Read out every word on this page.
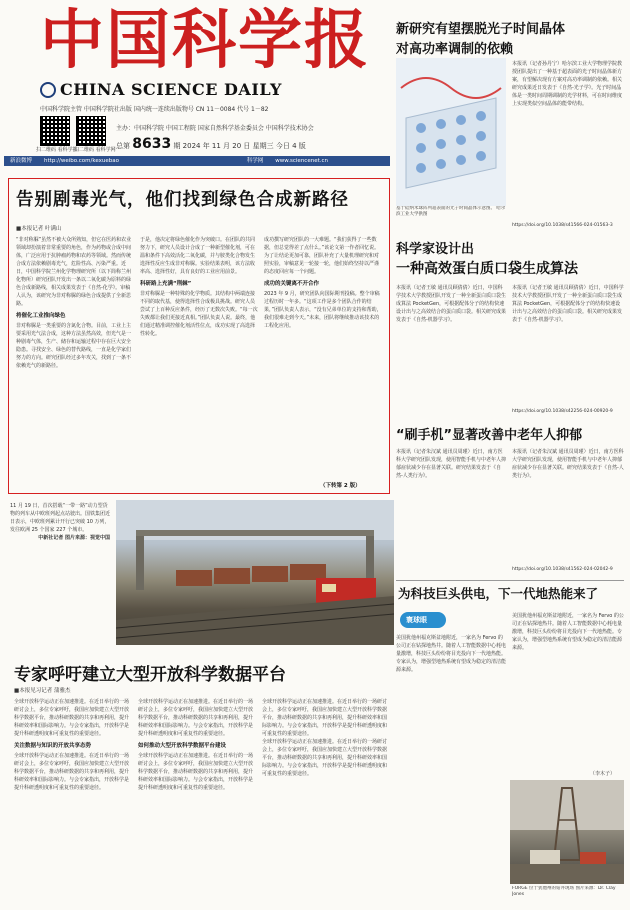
中国科学报
CHINA SCIENCE DAILY
中国科学院主管 中国科学院社出版 国内统一连续出版物号 CN 11－0084 代号 1－82
扫二维码 看科学报
扫二维码 看科学网
主办：中国科学院 中国工程院 国家自然科学基金委员会 中国科学技术协会
总第 8633 期 2024 年 11 月 20 日 星期三 今日 4 版
新浪微博 http://weibo.com/kexuebao	科学网 www.sciencenet.cn
告别剧毒光气，他们找到绿色合成新路径
■本报记者 叶满山
“非对称脲”虽然不被大众所熟知，但它在医药和农业领域却扮演着非常重要的角色，作为药物或合成中间体，广泛应用于抗肿瘤药物和农药等领域。然而传统合成方法依赖剧毒光气，危险性高、污染严重。近日，中国科学院兰州化学物理研究所（以下简称兰州化物所）研究团队开发出一条以二氧化碳为原料的绿色合成新路线，相关成果发表于《自然-化学》。审稿人认为，该研究为非对称脲的绿色合成提供了全新思路。
将催化工业推向绿色
非对称脲是一类重要的含氮化合物。目前，工业上主要采用光气法合成，这种方法虽然高效，但光气是一种剧毒气体，生产、储存和运输过程中存在巨大安全隐患。寻找安全、绿色的替代路线，一直是化学家们努力的方向。研究团队经过多年攻关，找到了一条不依赖光气的新路径。
于是，他决定将绿色催化作为突破口。在团队的共同努力下，研究人员设计合成了一种新型催化剂，可在温和条件下高效活化二氧化碳，并与胺类化合物发生选择性反应生成非对称脲。实验结果表明，该方法收率高、选择性好，具有良好的工业应用前景。
科研路上充满“荆棘”
非对称脲是一种特殊的化学物质。其结构中两端连接不同的取代基，使得选择性合成极具挑战。研究人员尝试了上百种反应条件，经历了无数次失败。“每一次失败都让我们更接近真相。”团队负责人说。最终，他们通过精准调控催化剂活性位点，成功实现了高选择性转化。
成功撰写研究团队的一大难题。“我们获得了一些数据，但总觉得差了点什么。”该论文第一作者回忆说。为了让结论更加可靠，团队补充了大量机理研究和对照实验，审稿意见一轮接一轮，他们始终坚持以严谨的态度回应每一个问题。
成功的关键离不开合作
2023 年 9 月，研究团队向国际期刊投稿。整个审稿过程历时一年多。“这项工作是多个团队合作的结果，”团队负责人表示，“没有兄弟单位的支持和帮助，我们很难走到今天。”未来，团队将继续推动该技术的工程化应用。
（下转第 2 版）
11 月 19 日，首次搭载“一带一路”动力型货物的列车从中欧班列起点站驶出。国铁集团近日表示，中欧班列累计开行已突破 10 万列，发往欧洲 25 个国家 227 个城市。

中新社记者 图片来源：视觉中国
新研究有望摆脱光子时间晶体
对高功率调制的依赖
基于硅纳米球阵列超表面的光子时间晶体示意图。 哈尔滨工业大学供图
本报讯（记者孙丹宁）哈尔滨工业大学物理学院教授团队提出了一种基于超表面的光子时间晶体新方案，有望解决现有方案对高功率调制的依赖。相关研究成果近日发表于《自然-光子学》。光子时间晶体是一类时间周期调制的光学材料，可在时间维度上实现类似空间晶体的能带结构。
https://doi.org/10.1038/s41566-024-01563-3
科学家设计出
一种高效蛋白质口袋生成算法
本报讯（记者王敏 通讯员顾倩倩）近日，中国科学技术大学教授团队开发了一种全新蛋白质口袋生成算法 PocketGen，可根据配体分子的结构快速设计出与之高效结合的蛋白质口袋。相关研究成果发表于《自然-机器学习》。
本报讯（记者王敏 通讯员顾倩倩）近日，中国科学技术大学教授团队开发了一种全新蛋白质口袋生成算法 PocketGen，可根据配体分子的结构快速设计出与之高效结合的蛋白质口袋。相关研究成果发表于《自然-机器学习》。
https://doi.org/10.1038/s42256-024-00920-9
“刷手机”显著改善中老年人抑郁
本报讯（记者朱汉斌 通讯员周瑾）近日，南方医科大学研究团队发现，使用智能手机与中老年人抑郁症状减少存在显著关联。研究结果发表于《自然-人类行为》。
本报讯（记者朱汉斌 通讯员周瑾）近日，南方医科大学研究团队发现，使用智能手机与中老年人抑郁症状减少存在显著关联。研究结果发表于《自然-人类行为》。
https://doi.org/10.1038/s41562-024-02042-9
为科技巨头供电，下一代地热能来了
寰球眼
美国犹他州福克斯盆地附近，一家名为 Fervo 的公司正在钻探地热井。随着人工智能数据中心耗电量激增，科技巨头纷纷将目光投向下一代地热能。专家认为，增强型地热系统有望成为稳定的清洁能源来源。
美国犹他州福克斯盆地附近，一家名为 Fervo 的公司正在钻探地热井。随着人工智能数据中心耗电量激增，科技巨头纷纷将目光投向下一代地热能。专家认为，增强型地热系统有望成为稳定的清洁能源来源。
（李木子）
FORGE 位于犹他州的钻井现场 图片来源：Dr. Clay Jones
专家呼吁建立大型开放科学数据平台
■本报见习记者 蒲雅杰
全球开放科学运动正在加速推进。在近日举行的一场研讨会上，多位专家呼吁，我国应加快建立大型开放科学数据平台，推动科研数据的共享和再利用，提升科研效率和国际影响力。与会专家指出，开放科学是提升科研透明度和可重复性的重要途径。
关注数据与知识的开放共享态势
全球开放科学运动正在加速推进。在近日举行的一场研讨会上，多位专家呼吁，我国应加快建立大型开放科学数据平台，推动科研数据的共享和再利用，提升科研效率和国际影响力。与会专家指出，开放科学是提升科研透明度和可重复性的重要途径。
全球开放科学运动正在加速推进。在近日举行的一场研讨会上，多位专家呼吁，我国应加快建立大型开放科学数据平台，推动科研数据的共享和再利用，提升科研效率和国际影响力。与会专家指出，开放科学是提升科研透明度和可重复性的重要途径。
如何推动大型开放科学数据平台建设
全球开放科学运动正在加速推进。在近日举行的一场研讨会上，多位专家呼吁，我国应加快建立大型开放科学数据平台，推动科研数据的共享和再利用，提升科研效率和国际影响力。与会专家指出，开放科学是提升科研透明度和可重复性的重要途径。
全球开放科学运动正在加速推进。在近日举行的一场研讨会上，多位专家呼吁，我国应加快建立大型开放科学数据平台，推动科研数据的共享和再利用，提升科研效率和国际影响力。与会专家指出，开放科学是提升科研透明度和可重复性的重要途径。
全球开放科学运动正在加速推进。在近日举行的一场研讨会上，多位专家呼吁，我国应加快建立大型开放科学数据平台，推动科研数据的共享和再利用，提升科研效率和国际影响力。与会专家指出，开放科学是提升科研透明度和可重复性的重要途径。
